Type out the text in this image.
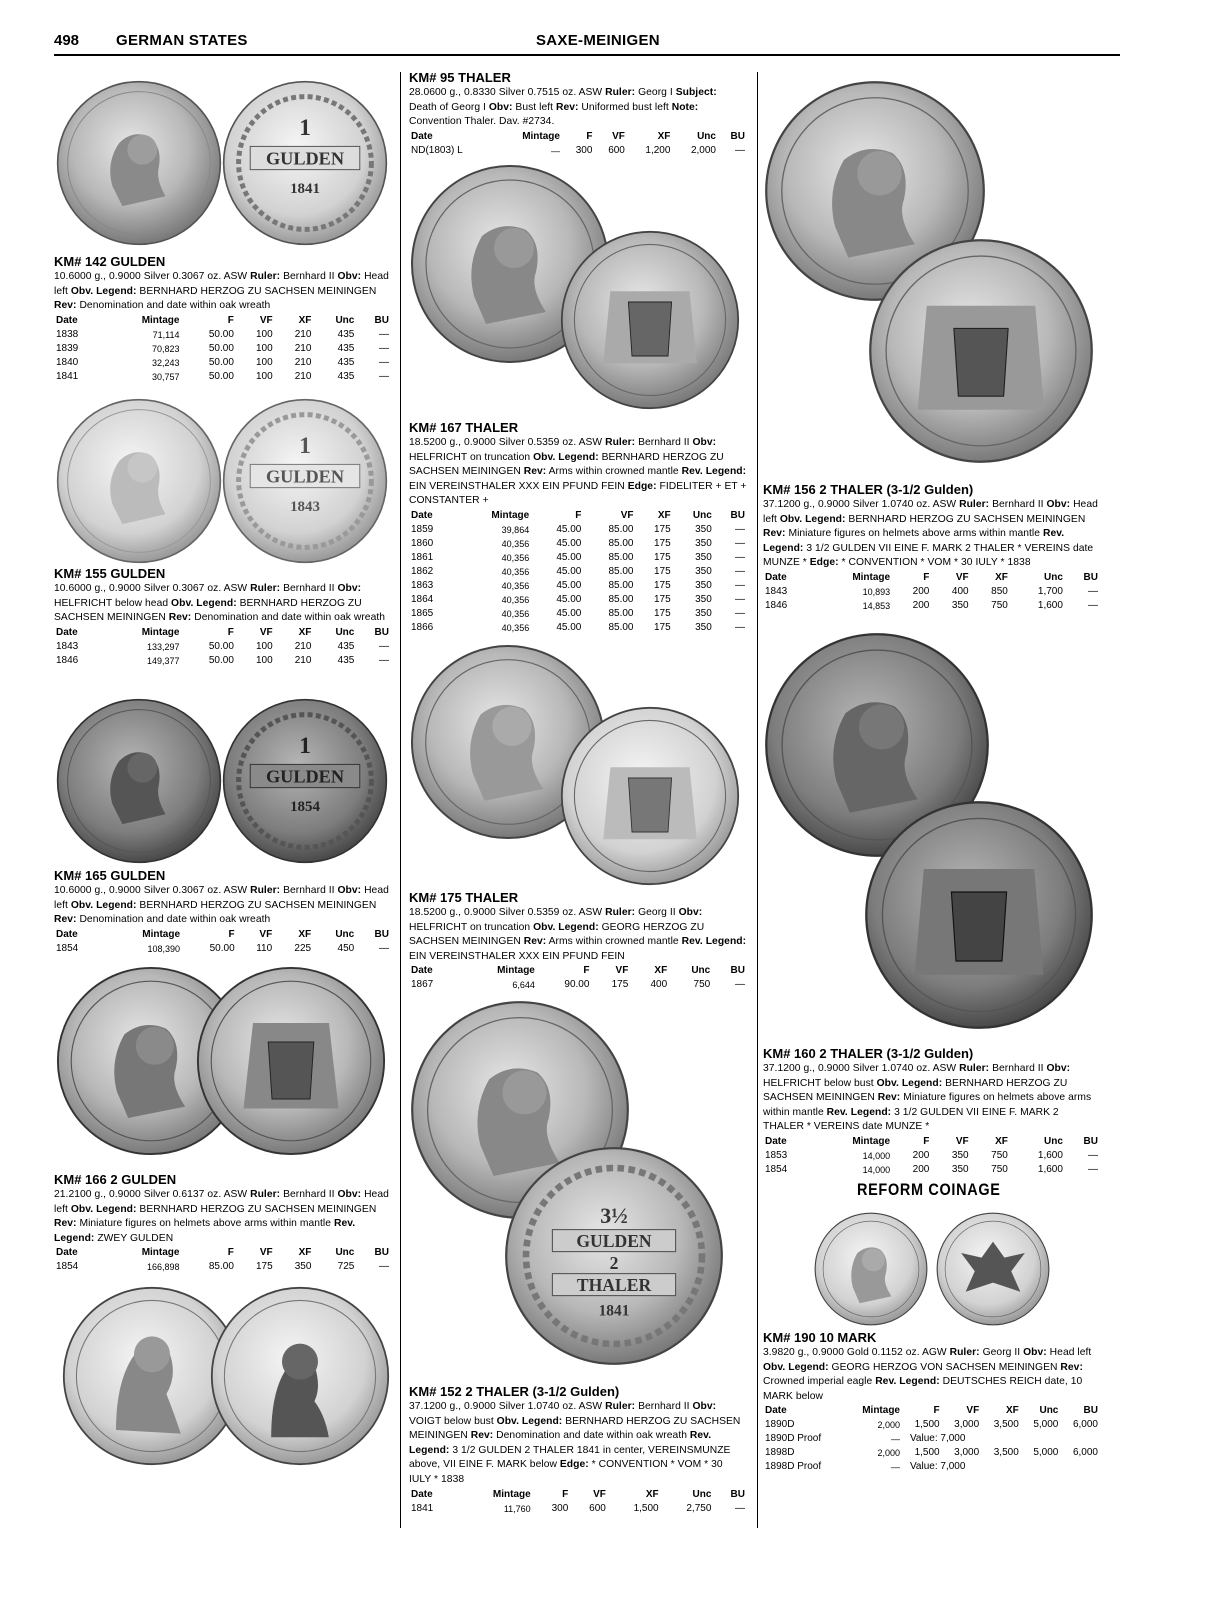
498 GERMAN STATES	SAXE-MEINIGEN
1
GULDEN
1841
KM# 142 GULDEN
10.6000 g., 0.9000 Silver 0.3067 oz. ASW Ruler: Bernhard II Obv: Head left Obv. Legend: BERNHARD HERZOG ZU SACHSEN MEININGEN Rev: Denomination and date within oak wreath
Date	Mintage	F	VF	XF	Unc	BU
1838	71,114	50.00	100	210	435	—
1839	70,823	50.00	100	210	435	—
1840	32,243	50.00	100	210	435	—
1841	30,757	50.00	100	210	435	—
1
GULDEN
1843
KM# 155 GULDEN
10.6000 g., 0.9000 Silver 0.3067 oz. ASW Ruler: Bernhard II Obv: HELFRICHT below head Obv. Legend: BERNHARD HERZOG ZU SACHSEN MEININGEN Rev: Denomination and date within oak wreath
Date	Mintage	F	VF	XF	Unc	BU
1843	133,297	50.00	100	210	435	—
1846	149,377	50.00	100	210	435	—
1
GULDEN
1854
KM# 165 GULDEN
10.6000 g., 0.9000 Silver 0.3067 oz. ASW Ruler: Bernhard II Obv: Head left Obv. Legend: BERNHARD HERZOG ZU SACHSEN MEININGEN Rev: Denomination and date within oak wreath
Date	Mintage	F	VF	XF	Unc	BU
1854	108,390	50.00	110	225	450	—
KM# 166 2 GULDEN
21.2100 g., 0.9000 Silver 0.6137 oz. ASW Ruler: Bernhard II Obv: Head left Obv. Legend: BERNHARD HERZOG ZU SACHSEN MEININGEN Rev: Miniature figures on helmets above arms within mantle Rev. Legend: ZWEY GULDEN
Date	Mintage	F	VF	XF	Unc	BU
1854	166,898	85.00	175	350	725	—
KM# 95 THALER
28.0600 g., 0.8330 Silver 0.7515 oz. ASW Ruler: Georg I Subject: Death of Georg I Obv: Bust left Rev: Uniformed bust left Note: Convention Thaler. Dav. #2734.
Date	Mintage	F	VF	XF	Unc	BU
ND(1803) L	—	300	600	1,200	2,000	—
KM# 167 THALER
18.5200 g., 0.9000 Silver 0.5359 oz. ASW Ruler: Bernhard II Obv: HELFRICHT on truncation Obv. Legend: BERNHARD HERZOG ZU SACHSEN MEININGEN Rev: Arms within crowned mantle Rev. Legend: EIN VEREINSTHALER XXX EIN PFUND FEIN Edge: FIDELITER + ET + CONSTANTER +
Date	Mintage	F	VF	XF	Unc	BU
1859	39,864	45.00	85.00	175	350	—
1860	40,356	45.00	85.00	175	350	—
1861	40,356	45.00	85.00	175	350	—
1862	40,356	45.00	85.00	175	350	—
1863	40,356	45.00	85.00	175	350	—
1864	40,356	45.00	85.00	175	350	—
1865	40,356	45.00	85.00	175	350	—
1866	40,356	45.00	85.00	175	350	—
KM# 175 THALER
18.5200 g., 0.9000 Silver 0.5359 oz. ASW Ruler: Georg II Obv: HELFRICHT on truncation Obv. Legend: GEORG HERZOG ZU SACHSEN MEININGEN Rev: Arms within crowned mantle Rev. Legend: EIN VEREINSTHALER XXX EIN PFUND FEIN
Date	Mintage	F	VF	XF	Unc	BU
1867	6,644	90.00	175	400	750	—
3½
GULDEN
2
THALER
1841
KM# 152 2 THALER (3-1/2 Gulden)
37.1200 g., 0.9000 Silver 1.0740 oz. ASW Ruler: Bernhard II Obv: VOIGT below bust Obv. Legend: BERNHARD HERZOG ZU SACHSEN MEININGEN Rev: Denomination and date within oak wreath Rev. Legend: 3 1/2 GULDEN 2 THALER 1841 in center, VEREINSMUNZE above, VII EINE F. MARK below Edge: * CONVENTION * VOM * 30 IULY * 1838
Date	Mintage	F	VF	XF	Unc	BU
1841	11,760	300	600	1,500	2,750	—
KM# 156 2 THALER (3-1/2 Gulden)
37.1200 g., 0.9000 Silver 1.0740 oz. ASW Ruler: Bernhard II Obv: Head left Obv. Legend: BERNHARD HERZOG ZU SACHSEN MEININGEN Rev: Miniature figures on helmets above arms within mantle Rev. Legend: 3 1/2 GULDEN VII EINE F. MARK 2 THALER * VEREINS date MUNZE * Edge: * CONVENTION * VOM * 30 IULY * 1838
Date	Mintage	F	VF	XF	Unc	BU
1843	10,893	200	400	850	1,700	—
1846	14,853	200	350	750	1,600	—
KM# 160 2 THALER (3-1/2 Gulden)
37.1200 g., 0.9000 Silver 1.0740 oz. ASW Ruler: Bernhard II Obv: HELFRICHT below bust Obv. Legend: BERNHARD HERZOG ZU SACHSEN MEININGEN Rev: Miniature figures on helmets above arms within mantle Rev. Legend: 3 1/2 GULDEN VII EINE F. MARK 2 THALER * VEREINS date MUNZE *
Date	Mintage	F	VF	XF	Unc	BU
1853	14,000	200	350	750	1,600	—
1854	14,000	200	350	750	1,600	—
REFORM COINAGE
KM# 190 10 MARK
3.9820 g., 0.9000 Gold 0.1152 oz. AGW Ruler: Georg II Obv: Head left Obv. Legend: GEORG HERZOG VON SACHSEN MEININGEN Rev: Crowned imperial eagle Rev. Legend: DEUTSCHES REICH date, 10 MARK below
Date	Mintage	F	VF	XF	Unc	BU
1890D	2,000	1,500	3,000	3,500	5,000	6,000
1890D Proof	—	Value: 7,000				
1898D	2,000	1,500	3,000	3,500	5,000	6,000
1898D Proof	—	Value: 7,000				
